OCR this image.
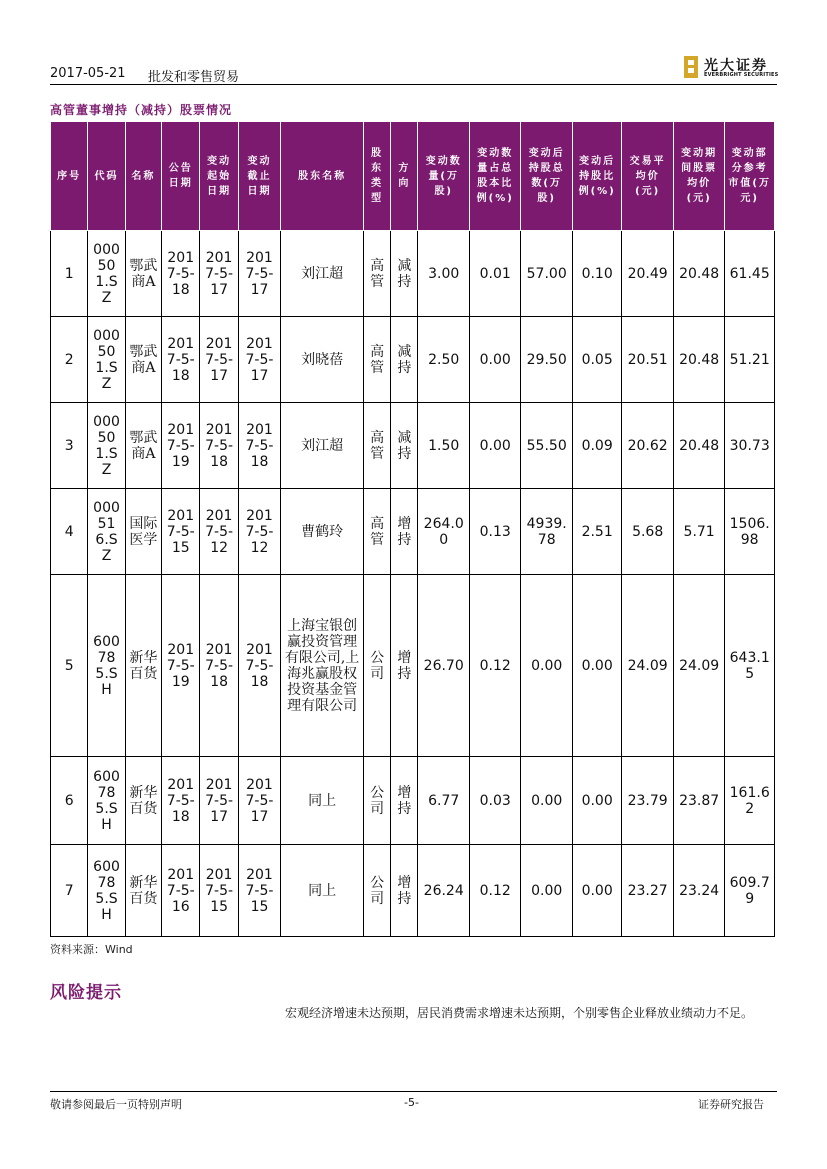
2017-05-21 批发和零售贸易
光大证券
EVERBRIGHT SECURITIES
高管董事增持（减持）股票情况
序号	代码	名称	公告日期	变动起始日期	变动截止日期	股东名称	股东类型	方向	变动数量(万股)	变动数量占总股本比例(%)	变动后持股总数(万股)	变动后持股比例(%)	交易平均价(元)	变动期间股票均价(元)	变动部分参考市值(万元)
1	000501.SZ	鄂武商A	2017-5-18	2017-5-17	2017-5-17	刘江超	高管	减持	3.00	0.01	57.00	0.10	20.49	20.48	61.45
2	000501.SZ	鄂武商A	2017-5-18	2017-5-17	2017-5-17	刘晓蓓	高管	减持	2.50	0.00	29.50	0.05	20.51	20.48	51.21
3	000501.SZ	鄂武商A	2017-5-19	2017-5-18	2017-5-18	刘江超	高管	减持	1.50	0.00	55.50	0.09	20.62	20.48	30.73
4	000516.SZ	国际医学	2017-5-15	2017-5-12	2017-5-12	曹鹤玲	高管	增持	264.00	0.13	4939.78	2.51	5.68	5.71	1506.98
5	600785.SH	新华百货	2017-5-19	2017-5-18	2017-5-18	上海宝银创赢投资管理有限公司,上海兆赢股权投资基金管理有限公司	公司	增持	26.70	0.12	0.00	0.00	24.09	24.09	643.15
6	600785.SH	新华百货	2017-5-18	2017-5-17	2017-5-17	同上	公司	增持	6.77	0.03	0.00	0.00	23.79	23.87	161.62
7	600785.SH	新华百货	2017-5-16	2017-5-15	2017-5-15	同上	公司	增持	26.24	0.12	0.00	0.00	23.27	23.24	609.79
资料来源：Wind
风险提示
宏观经济增速未达预期，居民消费需求增速未达预期，个别零售企业释放业绩动力不足。
敬请参阅最后一页特别声明	-5-	证券研究报告
